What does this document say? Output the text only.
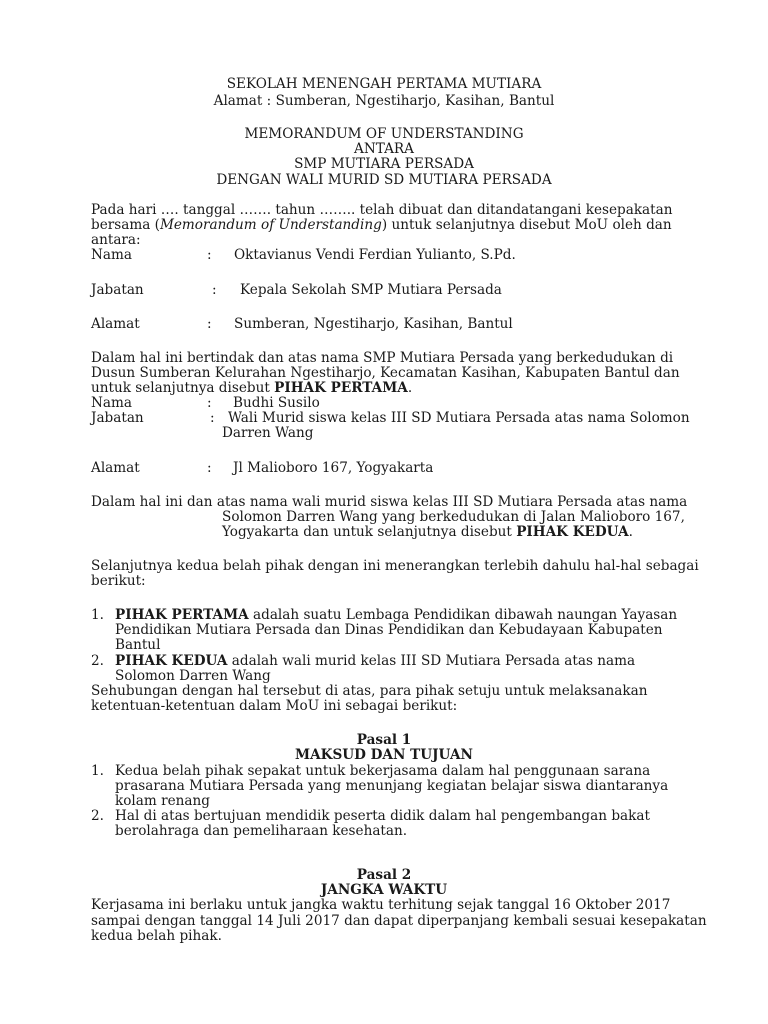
SEKOLAH MENENGAH PERTAMA MUTIARA
Alamat : Sumberan, Ngestiharjo, Kasihan, Bantul
MEMORANDUM OF UNDERSTANDING
ANTARA
SMP MUTIARA PERSADA
DENGAN WALI MURID SD MUTIARA PERSADA
Pada hari …. tanggal ……. tahun …….. telah dibuat dan ditandatangani kesepakatan
bersama (Memorandum of Understanding) untuk selanjutnya disebut MoU oleh dan
antara:
Nama	: Oktavianus Vendi Ferdian Yulianto, S.Pd.
Jabatan	: Kepala Sekolah SMP Mutiara Persada
Alamat	: Sumberan, Ngestiharjo, Kasihan, Bantul
Dalam hal ini bertindak dan atas nama SMP Mutiara Persada yang berkedudukan di
Dusun Sumberan Kelurahan Ngestiharjo, Kecamatan Kasihan, Kabupaten Bantul dan
untuk selanjutnya disebut PIHAK PERTAMA.
Nama	: Budhi Susilo
Jabatan	: Wali Murid siswa kelas III SD Mutiara Persada atas nama Solomon
Darren Wang
Alamat	: Jl Malioboro 167, Yogyakarta
Dalam hal ini dan atas nama wali murid siswa kelas III SD Mutiara Persada atas nama
Solomon Darren Wang yang berkedudukan di Jalan Malioboro 167,
Yogyakarta dan untuk selanjutnya disebut PIHAK KEDUA.
Selanjutnya kedua belah pihak dengan ini menerangkan terlebih dahulu hal-hal sebagai
berikut:
1. PIHAK PERTAMA adalah suatu Lembaga Pendidikan dibawah naungan Yayasan
Pendidikan Mutiara Persada dan Dinas Pendidikan dan Kebudayaan Kabupaten
Bantul
2. PIHAK KEDUA adalah wali murid kelas III SD Mutiara Persada atas nama
Solomon Darren Wang
Sehubungan dengan hal tersebut di atas, para pihak setuju untuk melaksanakan
ketentuan-ketentuan dalam MoU ini sebagai berikut:
Pasal 1
MAKSUD DAN TUJUAN
1. Kedua belah pihak sepakat untuk bekerjasama dalam hal penggunaan sarana
prasarana Mutiara Persada yang menunjang kegiatan belajar siswa diantaranya
kolam renang
2. Hal di atas bertujuan mendidik peserta didik dalam hal pengembangan bakat
berolahraga dan pemeliharaan kesehatan.
Pasal 2
JANGKA WAKTU
Kerjasama ini berlaku untuk jangka waktu terhitung sejak tanggal 16 Oktober 2017
sampai dengan tanggal 14 Juli 2017 dan dapat diperpanjang kembali sesuai kesepakatan
kedua belah pihak.
